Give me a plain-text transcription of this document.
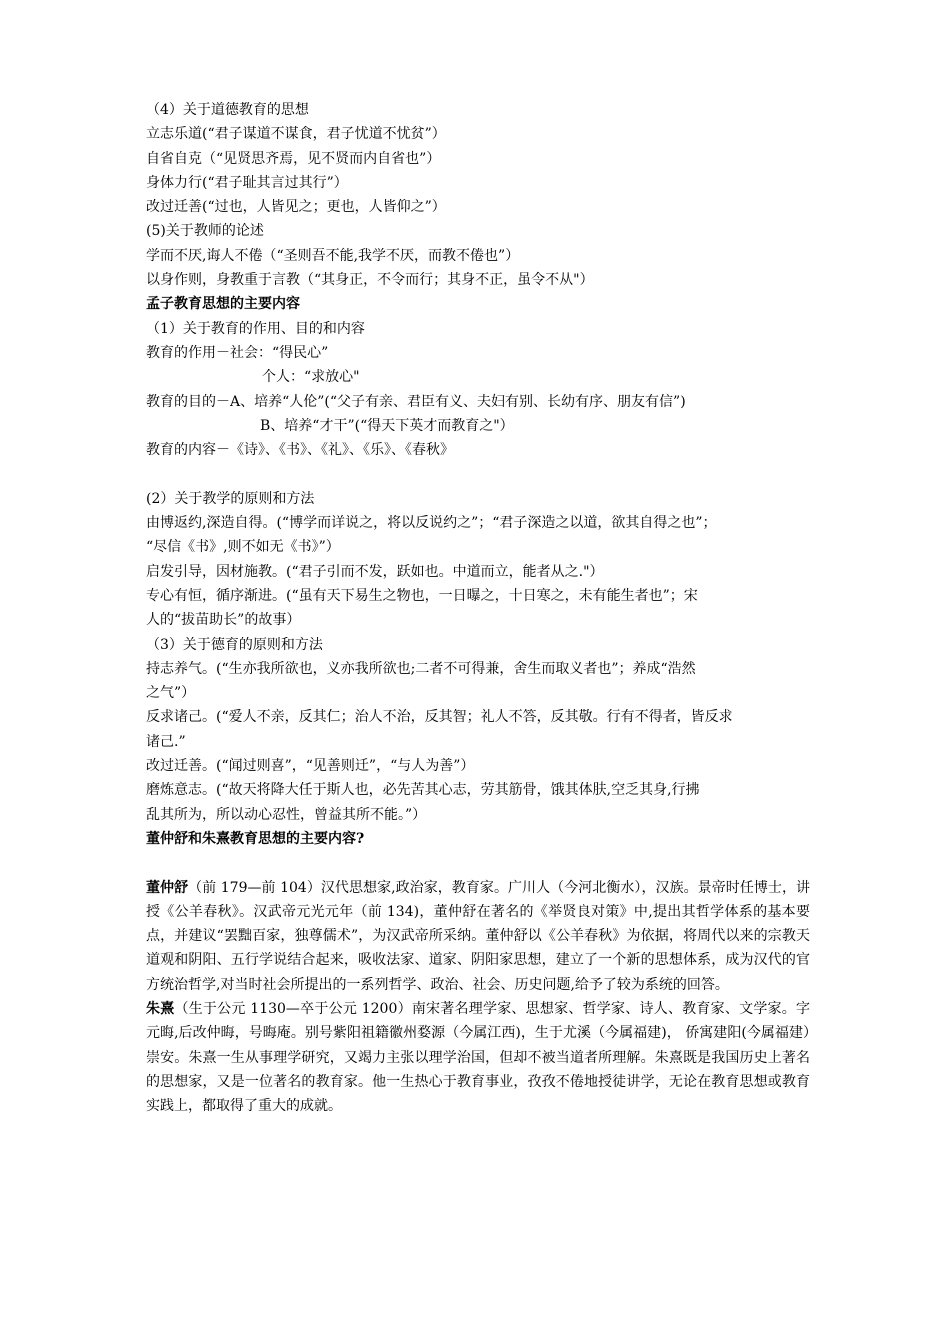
（4）关于道德教育的思想
立志乐道(“君子谋道不谋食，君子忧道不忧贫”）
自省自克（“见贤思齐焉，见不贤而内自省也”）
身体力行(“君子耻其言过其行”）
改过迁善(“过也，人皆见之；更也，人皆仰之”）
(5)关于教师的论述
学而不厌,诲人不倦（“圣则吾不能,我学不厌，而教不倦也”）
以身作则，身教重于言教（“其身正，不令而行；其身不正，虽令不从"）
孟子教育思想的主要内容
（1）关于教育的作用、目的和内容
教育的作用－社会：“得民心”
个人：“求放心"
教育的目的－A、培养“人伦”(“父子有亲、君臣有义、夫妇有别、长幼有序、朋友有信”)
B、培养“才干”(“得天下英才而教育之"）
教育的内容－《诗》、《书》、《礼》、《乐》、《春秋》
(2）关于教学的原则和方法
由博返约,深造自得。(“博学而详说之，将以反说约之”；“君子深造之以道，欲其自得之也”；
“尽信《书》,则不如无《书》”）
启发引导，因材施教。(“君子引而不发，跃如也。中道而立，能者从之."）
专心有恒，循序渐进。(“虽有天下易生之物也，一日曝之，十日寒之，未有能生者也”；宋
人的“拔苗助长”的故事）
（3）关于德育的原则和方法
持志养气。(“生亦我所欲也，义亦我所欲也;二者不可得兼，舍生而取义者也”；养成“浩然
之气”）
反求诸己。(“爱人不亲，反其仁；治人不治，反其智；礼人不答，反其敬。行有不得者，皆反求
诸己.”
改过迁善。(“闻过则喜”，“见善则迁”，“与人为善”）
磨炼意志。(“故天将降大任于斯人也，必先苦其心志，劳其筋骨，饿其体肤,空乏其身,行拂
乱其所为，所以动心忍性，曾益其所不能。”）
董仲舒和朱熹教育思想的主要内容?
董仲舒（前 179—前 104）汉代思想家,政治家，教育家。广川人（今河北衡水），汉族。景帝时任博士，讲授《公羊春秋》。汉武帝元光元年（前 134)，董仲舒在著名的《举贤良对策》中,提出其哲学体系的基本要点，并建议“罢黜百家，独尊儒术”，为汉武帝所采纳。董仲舒以《公羊春秋》为依据，将周代以来的宗教天道观和阴阳、五行学说结合起来，吸收法家、道家、阴阳家思想，建立了一个新的思想体系，成为汉代的官方统治哲学,对当时社会所提出的一系列哲学、政治、社会、历史问题,给予了较为系统的回答。
朱熹（生于公元 1130—卒于公元 1200）南宋著名理学家、思想家、哲学家、诗人、教育家、文学家。字元晦,后改仲晦，号晦庵。别号紫阳祖籍徽州婺源（今属江西)，生于尤溪（今属福建)， 侨寓建阳(今属福建）崇安。朱熹一生从事理学研究，又竭力主张以理学治国，但却不被当道者所理解。朱熹既是我国历史上著名的思想家，又是一位著名的教育家。他一生热心于教育事业，孜孜不倦地授徒讲学，无论在教育思想或教育实践上，都取得了重大的成就。
